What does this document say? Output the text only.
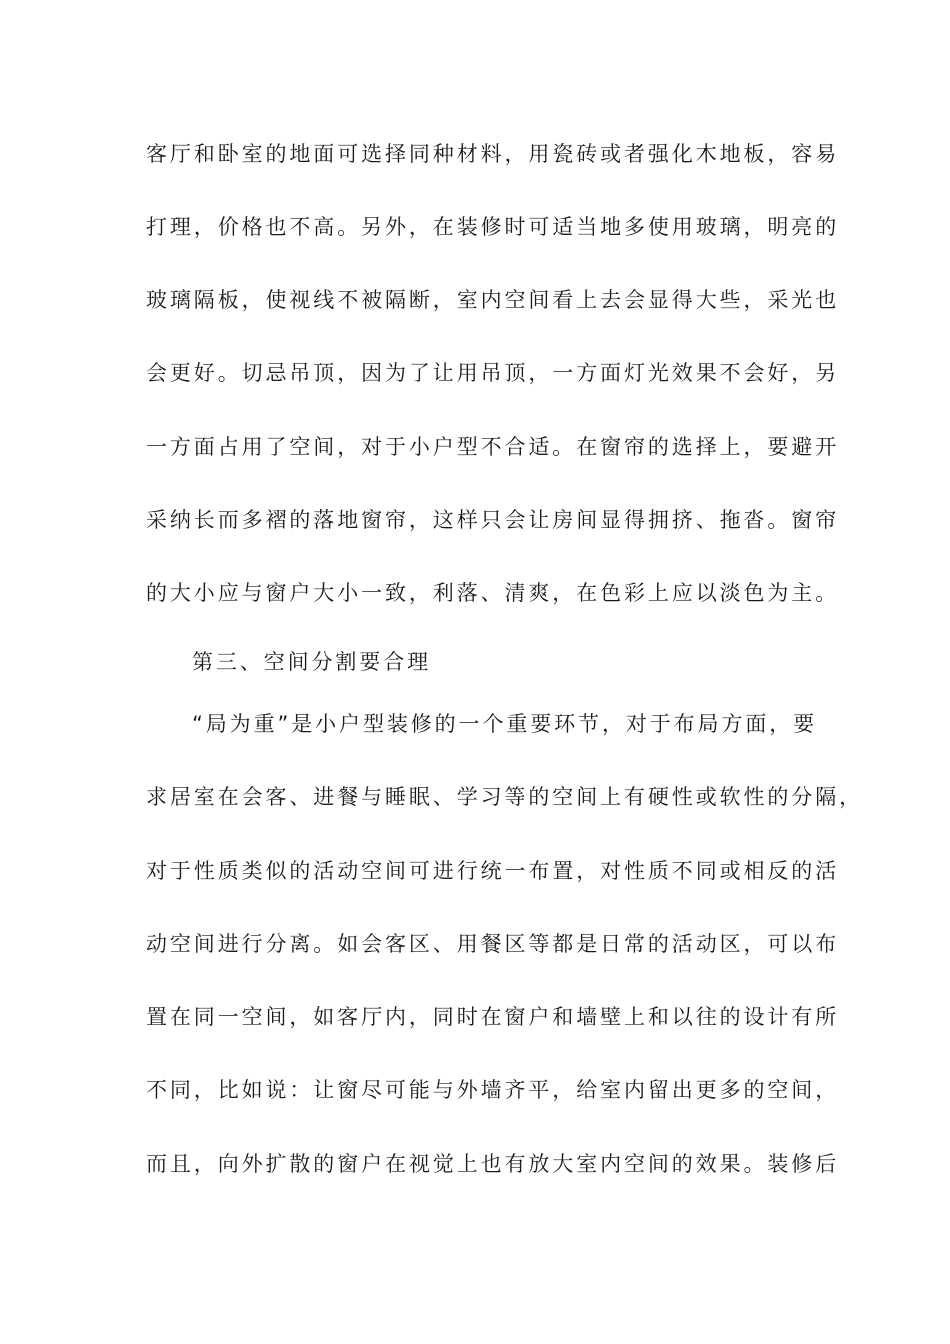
客厅和卧室的地面可选择同种材料，用瓷砖或者强化木地板，容易
打理，价格也不高。另外，在装修时可适当地多使用玻璃，明亮的
玻璃隔板，使视线不被隔断，室内空间看上去会显得大些，采光也
会更好。切忌吊顶，因为了让用吊顶，一方面灯光效果不会好，另
一方面占用了空间，对于小户型不合适。在窗帘的选择上，要避开
采纳长而多褶的落地窗帘，这样只会让房间显得拥挤、拖沓。窗帘
的大小应与窗户大小一致，利落、清爽，在色彩上应以淡色为主。
第三、空间分割要合理
“局为重”是小户型装修的一个重要环节，对于布局方面，要
求居室在会客、进餐与睡眠、学习等的空间上有硬性或软性的分隔，
对于性质类似的活动空间可进行统一布置，对性质不同或相反的活
动空间进行分离。如会客区、用餐区等都是日常的活动区，可以布
置在同一空间，如客厅内，同时在窗户和墙壁上和以往的设计有所
不同，比如说：让窗尽可能与外墙齐平，给室内留出更多的空间，
而且，向外扩散的窗户在视觉上也有放大室内空间的效果。装修后
